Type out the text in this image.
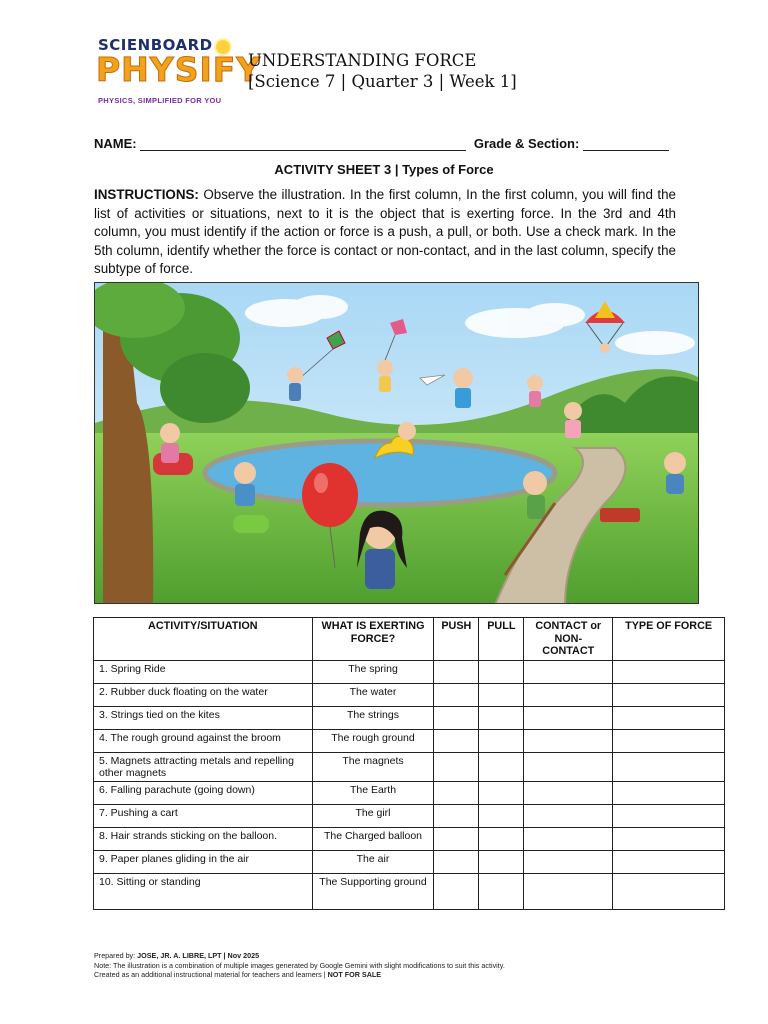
SCIENBOARD
PHYSIFY
PHYSICS, SIMPLIFIED FOR YOU
UNDERSTANDING FORCE
[Science 7 | Quarter 3 | Week 1]
NAME:	Grade & Section:
ACTIVITY SHEET 3 | Types of Force
INSTRUCTIONS: Observe the illustration. In the first column, In the first column, you will find the list of activities or situations, next to it is the object that is exerting force. In the 3rd and 4th column, you must identify if the action or force is a push, a pull, or both. Use a check mark. In the 5th column, identify whether the force is contact or non-contact, and in the last column, specify the subtype of force.
ACTIVITY/SITUATION	WHAT IS EXERTING FORCE?	PUSH	PULL	CONTACT or NON-CONTACT	TYPE OF FORCE
1. Spring Ride	The spring				
2. Rubber duck floating on the water	The water				
3. Strings tied on the kites	The strings				
4. The rough ground against the broom	The rough ground				
5. Magnets attracting metals and repelling other magnets	The magnets				
6. Falling parachute (going down)	The Earth				
7. Pushing a cart	The girl				
8. Hair strands sticking on the balloon.	The Charged balloon				
9. Paper planes gliding in the air	The air				
10. Sitting or standing	The Supporting ground				
Prepared by: JOSE, JR. A. LIBRE, LPT | Nov 2025
Note: The illustration is a combination of multiple images generated by Google Gemini with slight modifications to suit this activity.
Created as an additional instructional material for teachers and learners | NOT FOR SALE
